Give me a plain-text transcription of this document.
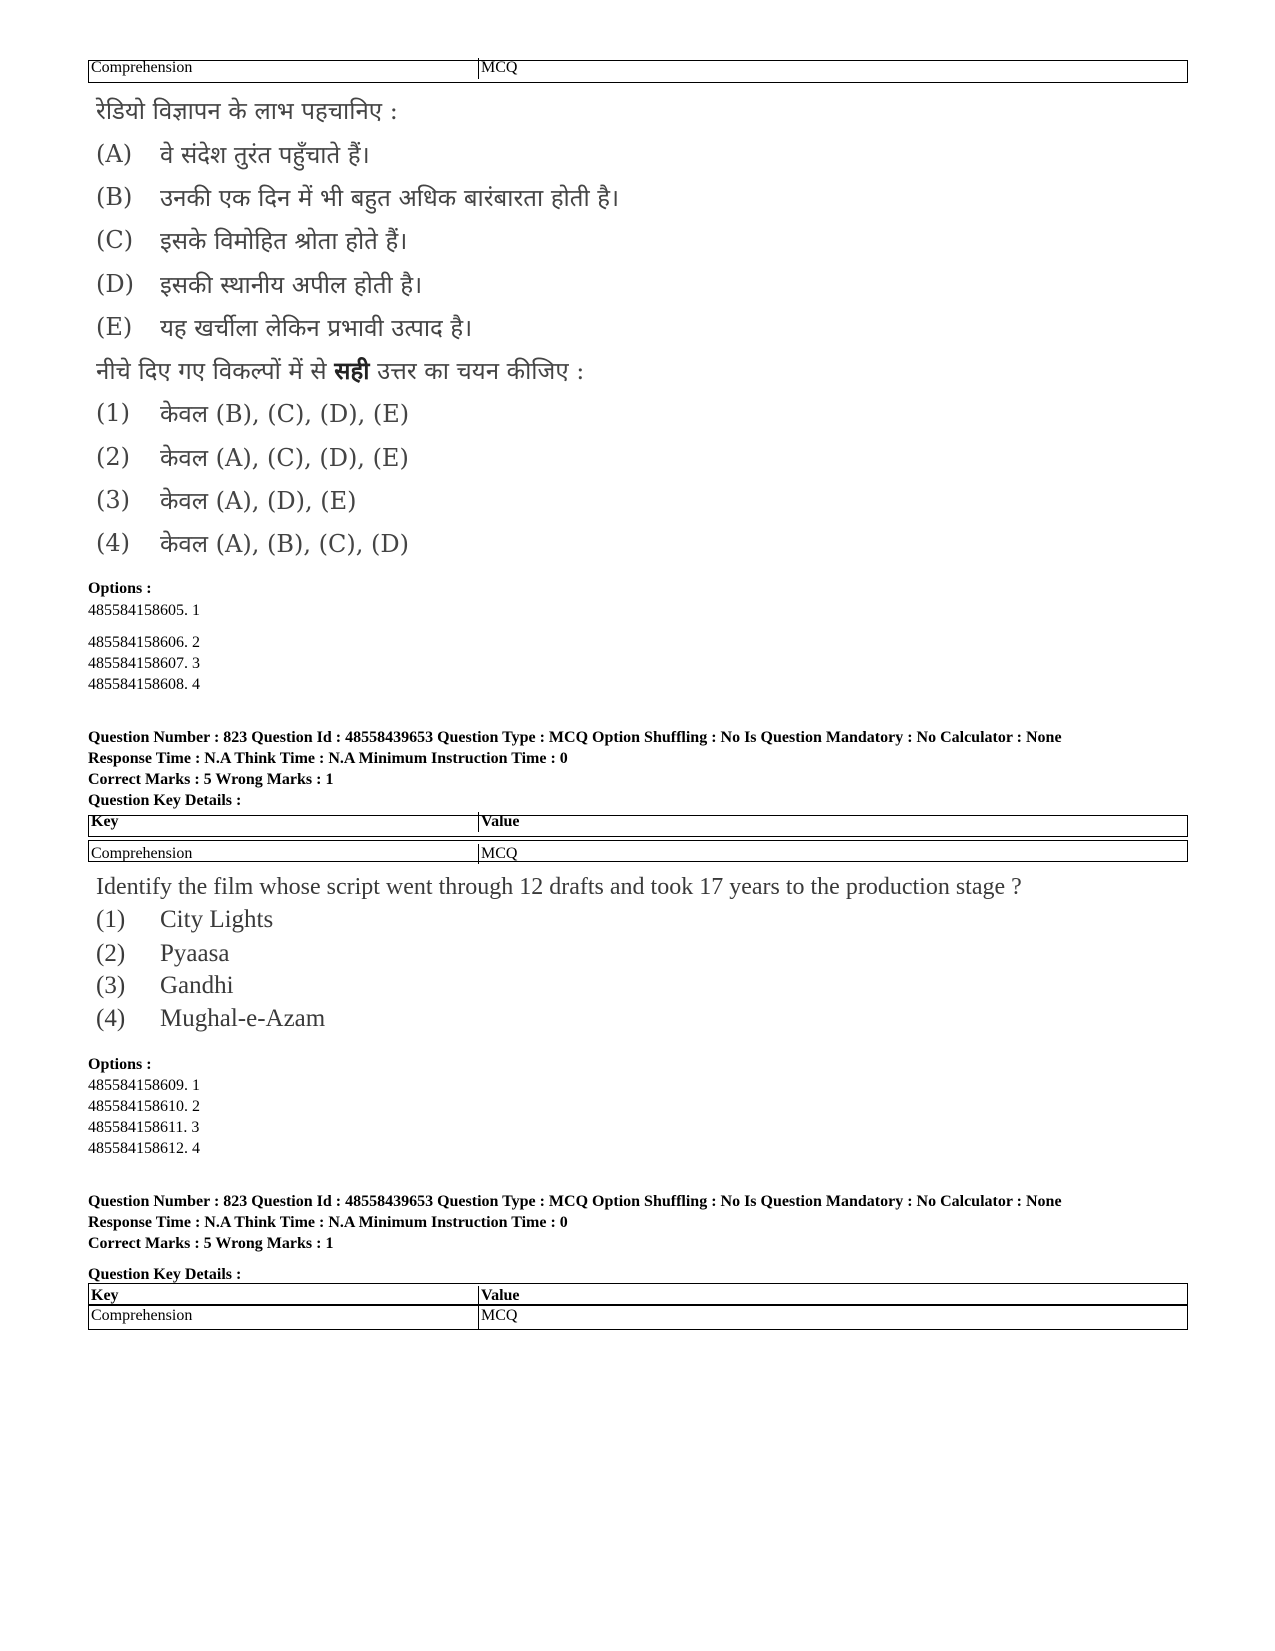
Comprehension	MCQ
रेडियो विज्ञापन के लाभ पहचानिए :
(A) वे संदेश तुरंत पहुँचाते हैं।
(B) उनकी एक दिन में भी बहुत अधिक बारंबारता होती है।
(C) इसके विमोहित श्रोता होते हैं।
(D) इसकी स्थानीय अपील होती है।
(E) यह खर्चीला लेकिन प्रभावी उत्पाद है।
नीचे दिए गए विकल्पों में से सही उत्तर का चयन कीजिए :
(1) केवल (B), (C), (D), (E)
(2) केवल (A), (C), (D), (E)
(3) केवल (A), (D), (E)
(4) केवल (A), (B), (C), (D)
Options :
485584158605. 1
485584158606. 2
485584158607. 3
485584158608. 4
Question Number : 823 Question Id : 48558439653 Question Type : MCQ Option Shuffling : No Is Question Mandatory : No Calculator : None
Response Time : N.A Think Time : N.A Minimum Instruction Time : 0
Correct Marks : 5 Wrong Marks : 1
Question Key Details :
Key	Value
Comprehension	MCQ
Identify the film whose script went through 12 drafts and took 17 years to the production stage ?
(1) City Lights
(2) Pyaasa
(3) Gandhi
(4) Mughal-e-Azam
Options :
485584158609. 1
485584158610. 2
485584158611. 3
485584158612. 4
Question Number : 823 Question Id : 48558439653 Question Type : MCQ Option Shuffling : No Is Question Mandatory : No Calculator : None
Response Time : N.A Think Time : N.A Minimum Instruction Time : 0
Correct Marks : 5 Wrong Marks : 1
Question Key Details :
Key	Value
Comprehension	MCQ
